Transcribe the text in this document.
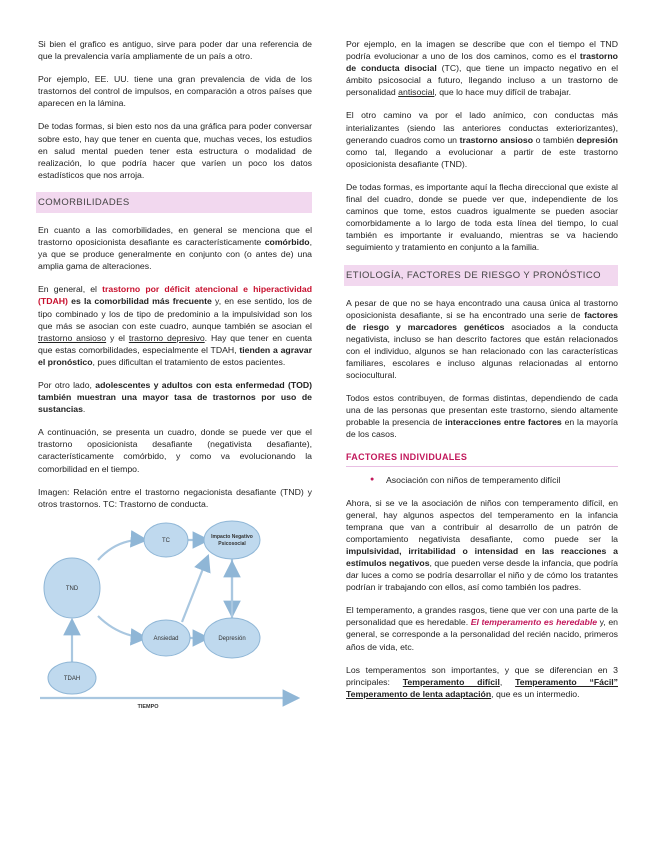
Si bien el grafico es antiguo, sirve para poder dar una referencia de que la prevalencia varía ampliamente de un país a otro.

Por ejemplo, EE. UU. tiene una gran prevalencia de vida de los trastornos del control de impulsos, en comparación a otros países que aparecen en la lámina.

De todas formas, si bien esto nos da una gráfica para poder conversar sobre esto, hay que tener en cuenta que, muchas veces, los estudios en salud mental pueden tener esta estructura o modalidad de realización, lo que podría hacer que varíen un poco los datos estadísticos que nos arroja.

COMORBILIDADES

En cuanto a las comorbilidades, en general se menciona que el trastorno oposicionista desafiante es característicamente comórbido, ya que se produce generalmente en conjunto con (o antes de) una amplia gama de alteraciones.

En general, el trastorno por déficit atencional e hiperactividad (TDAH) es la comorbilidad más frecuente y, en ese sentido, los de tipo combinado y los de tipo de predominio a la impulsividad son los que más se asocian con este cuadro, aunque también se asocian el trastorno ansioso y el trastorno depresivo. Hay que tener en cuenta que estas comorbilidades, especialmente el TDAH, tienden a agravar el pronóstico, pues dificultan el tratamiento de estos pacientes.

Por otro lado, adolescentes y adultos con esta enfermedad (TOD) también muestran una mayor tasa de trastornos por uso de sustancias.

A continuación, se presenta un cuadro, donde se puede ver que el trastorno oposicionista desafiante (negativista desafiante), característicamente comórbido, y como va evolucionando la comorbilidad en el tiempo.

Imagen: Relación entre el trastorno negacionista desafiante (TND) y otros trastornos. TC: Trastorno de conducta.

TND
TC
Impacto Negativo
Psicosocial
Ansiedad	Depresión
TDAH
TIEMPO

Por ejemplo, en la imagen se describe que con el tiempo el TND podría evolucionar a uno de los dos caminos, como es el trastorno de conducta disocial (TC), que tiene un impacto negativo en el ámbito psicosocial a futuro, llegando incluso a un trastorno de personalidad antisocial, que lo hace muy difícil de trabajar.

El otro camino va por el lado anímico, con conductas más interializantes (siendo las anteriores conductas exteriorizantes), generando cuadros como un trastorno ansioso o también depresión como tal, llegando a evolucionar a partir de este trastorno oposicionista desafiante (TND).

De todas formas, es importante aquí la flecha direccional que existe al final del cuadro, donde se puede ver que, independiente de los caminos que tome, estos cuadros igualmente se pueden asociar comorbidamente a lo largo de toda esta línea del tiempo, lo cual también es importante ir evaluando, mientras se va haciendo seguimiento y tratamiento en conjunto a la familia.

ETIOLOGÍA, FACTORES DE RIESGO Y PRONÓSTICO

A pesar de que no se haya encontrado una causa única al trastorno oposicionista desafiante, si se ha encontrado una serie de factores de riesgo y marcadores genéticos asociados a la conducta negativista, incluso se han descrito factores que están relacionados con el individuo, algunos se han relacionado con las características familiares, escolares e incluso algunas relacionadas al entorno sociocultural.

Todos estos contribuyen, de formas distintas, dependiendo de cada una de las personas que presentan este trastorno, siendo altamente probable la presencia de interacciones entre factores en la mayoría de los casos.

FACTORES INDIVIDUALES
● Asociación con niños de temperamento difícil

Ahora, si se ve la asociación de niños con temperamento difícil, en general, hay algunos aspectos del temperamento en la infancia temprana que van a contribuir al desarrollo de un patrón de comportamiento negativista desafiante, como puede ser la impulsividad, irritabilidad o intensidad en las reacciones a estímulos negativos, que pueden verse desde la infancia, que podría dar luces a como se podría desarrollar el niño y de cómo los tratantes podrían ir trabajando con ellos, así como también los padres.

El temperamento, a grandes rasgos, tiene que ver con una parte de la personalidad que es heredable. El temperamento es heredable y, en general, se corresponde a la personalidad del recién nacido, primeros años de vida, etc.

Los temperamentos son importantes, y que se diferencian en 3 principales: Temperamento difícil, Temperamento “Fácil” Temperamento de lenta adaptación, que es un intermedio.
